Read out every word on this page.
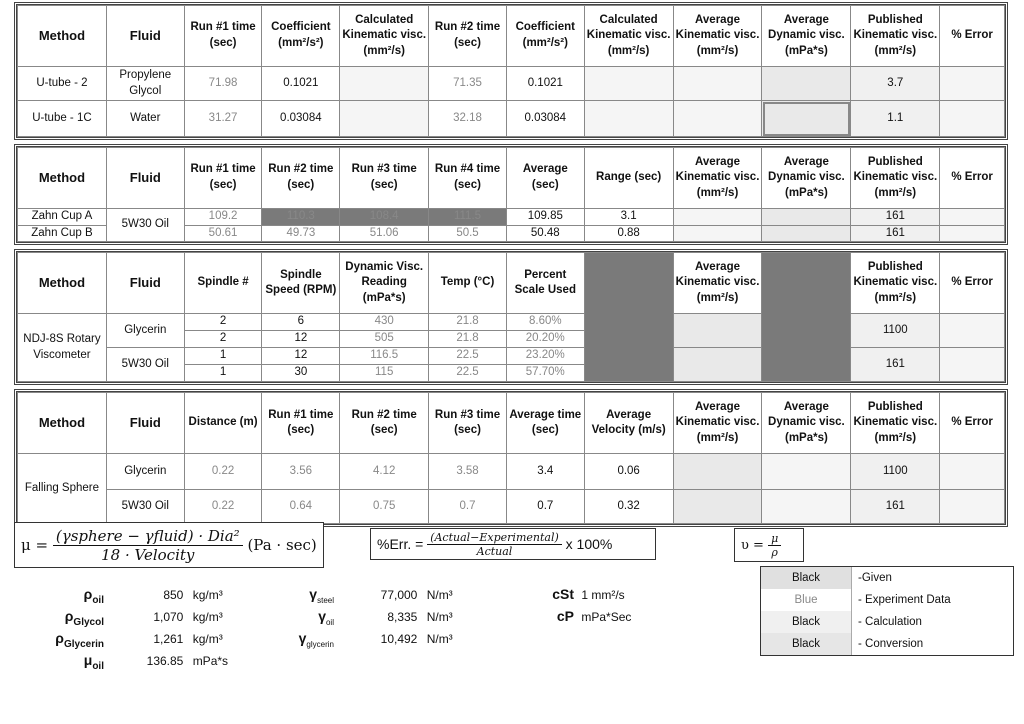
Method	Fluid	Run #1 time (sec)	Coefficient (mm²/s²)	Calculated Kinematic visc. (mm²/s)	Run #2 time (sec)	Coefficient (mm²/s²)	Calculated Kinematic visc. (mm²/s)	Average Kinematic visc. (mm²/s)	Average Dynamic visc. (mPa*s)	Published Kinematic visc. (mm²/s)	% Error
U-tube - 2	Propylene Glycol	71.98	0.1021		71.35	0.1021				3.7	
U-tube - 1C	Water	31.27	0.03084		32.18	0.03084				1.1	
Method	Fluid	Run #1 time (sec)	Run #2 time (sec)	Run #3 time (sec)	Run #4 time (sec)	Average (sec)	Range (sec)	Average Kinematic visc. (mm²/s)	Average Dynamic visc. (mPa*s)	Published Kinematic visc. (mm²/s)	% Error
Zahn Cup A	5W30 Oil	109.2	110.3	108.4	111.5	109.85	3.1			161	
Zahn Cup B		50.61	49.73	51.06	50.5	50.48	0.88			161	
Method	Fluid	Spindle #	Spindle Speed (RPM)	Dynamic Visc. Reading (mPa*s)	Temp (°C)	Percent Scale Used		Average Kinematic visc. (mm²/s)		Published Kinematic visc. (mm²/s)	% Error
NDJ-8S Rotary Viscometer	Glycerin	2	6	430	21.8	8.60%				1100	
		2	12	505	21.8	20.20%					
	5W30 Oil	1	12	116.5	22.5	23.20%				161	
		1	30	115	22.5	57.70%					
Method	Fluid	Distance (m)	Run #1 time (sec)	Run #2 time (sec)	Run #3 time (sec)	Average time (sec)	Average Velocity (m/s)	Average Kinematic visc. (mm²/s)	Average Dynamic visc. (mPa*s)	Published Kinematic visc. (mm²/s)	% Error
Falling Sphere	Glycerin	0.22	3.56	4.12	3.58	3.4	0.06			1100	
	5W30 Oil	0.22	0.64	0.75	0.7	0.7	0.32			161	
μ =
$\frac{\text{(γsphere − γfluid) · Dia²}}{\text{18 · Velocity}}$
(Pa · sec)	%Err. =
$\frac{\text{(Actual−Experimental)}}{\text{Actual}}$
x 100%	υ =
$\frac{\mu}{\rho}$
$\rho_{oil}$	850 kg/m³
$\rho_{Glycol}$	1,070 kg/m³
$\rho_{Glycerin}$	1,261 kg/m³
$\mu_{oil}$	136.85 mPa*s
$\gamma_{steel}$	77,000 N/m³
$\gamma_{oil}$	8,335 N/m³
$\gamma_{glycerin}$	10,492 N/m³
cSt 1 mm²/s
cP mPa*Sec
Black	-Given
Blue	- Experiment Data
Black	- Calculation
Black	- Conversion
